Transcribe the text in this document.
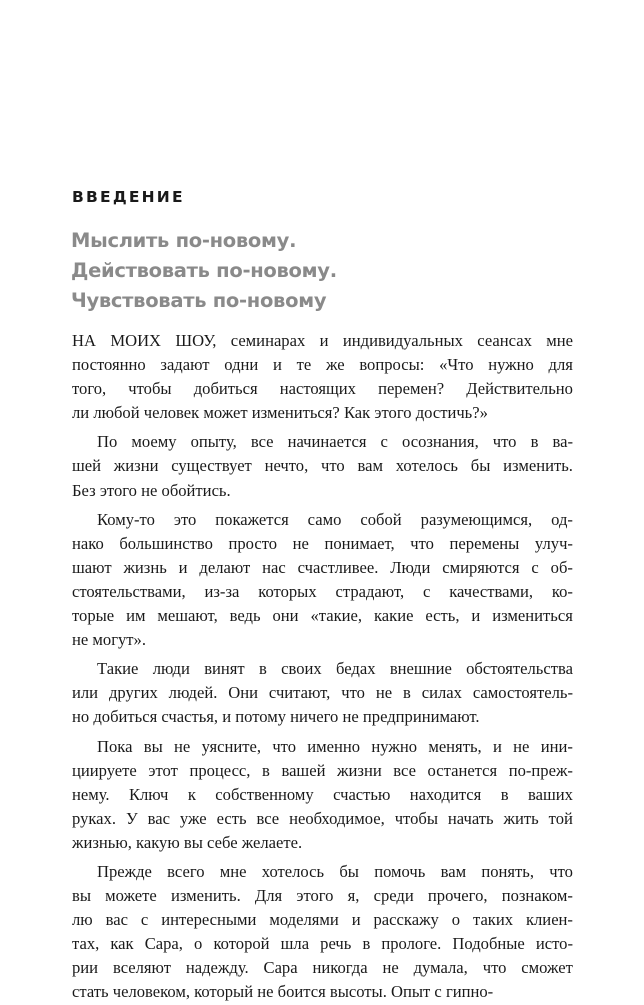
ВВЕДЕНИЕ
Мыслить по-новому.
Действовать по-новому.
Чувствовать по-новому
НА МОИХ ШОУ, семинарах и индивидуальных сеансах мне
постоянно задают одни и те же вопросы: «Что нужно для
того, чтобы добиться настоящих перемен? Действительно
ли любой человек может измениться? Как этого достичь?»
По моему опыту, все начинается с осознания, что в ва-
шей жизни существует нечто, что вам хотелось бы изменить.
Без этого не обойтись.
Кому-то это покажется само собой разумеющимся, од-
нако большинство просто не понимает, что перемены улуч-
шают жизнь и делают нас счастливее. Люди смиряются с об-
стоятельствами, из-за которых страдают, с качествами, ко-
торые им мешают, ведь они «такие, какие есть, и измениться
не могут».
Такие люди винят в своих бедах внешние обстоятельства
или других людей. Они считают, что не в силах самостоятель-
но добиться счастья, и потому ничего не предпринимают.
Пока вы не уясните, что именно нужно менять, и не ини-
циируете этот процесс, в вашей жизни все останется по-преж-
нему. Ключ к собственному счастью находится в ваших
руках. У вас уже есть все необходимое, чтобы начать жить той
жизнью, какую вы себе желаете.
Прежде всего мне хотелось бы помочь вам понять, что
вы можете изменить. Для этого я, среди прочего, познаком-
лю вас с интересными моделями и расскажу о таких клиен-
тах, как Сара, о которой шла речь в прологе. Подобные исто-
рии вселяют надежду. Сара никогда не думала, что сможет
стать человеком, который не боится высоты. Опыт с гипно-
